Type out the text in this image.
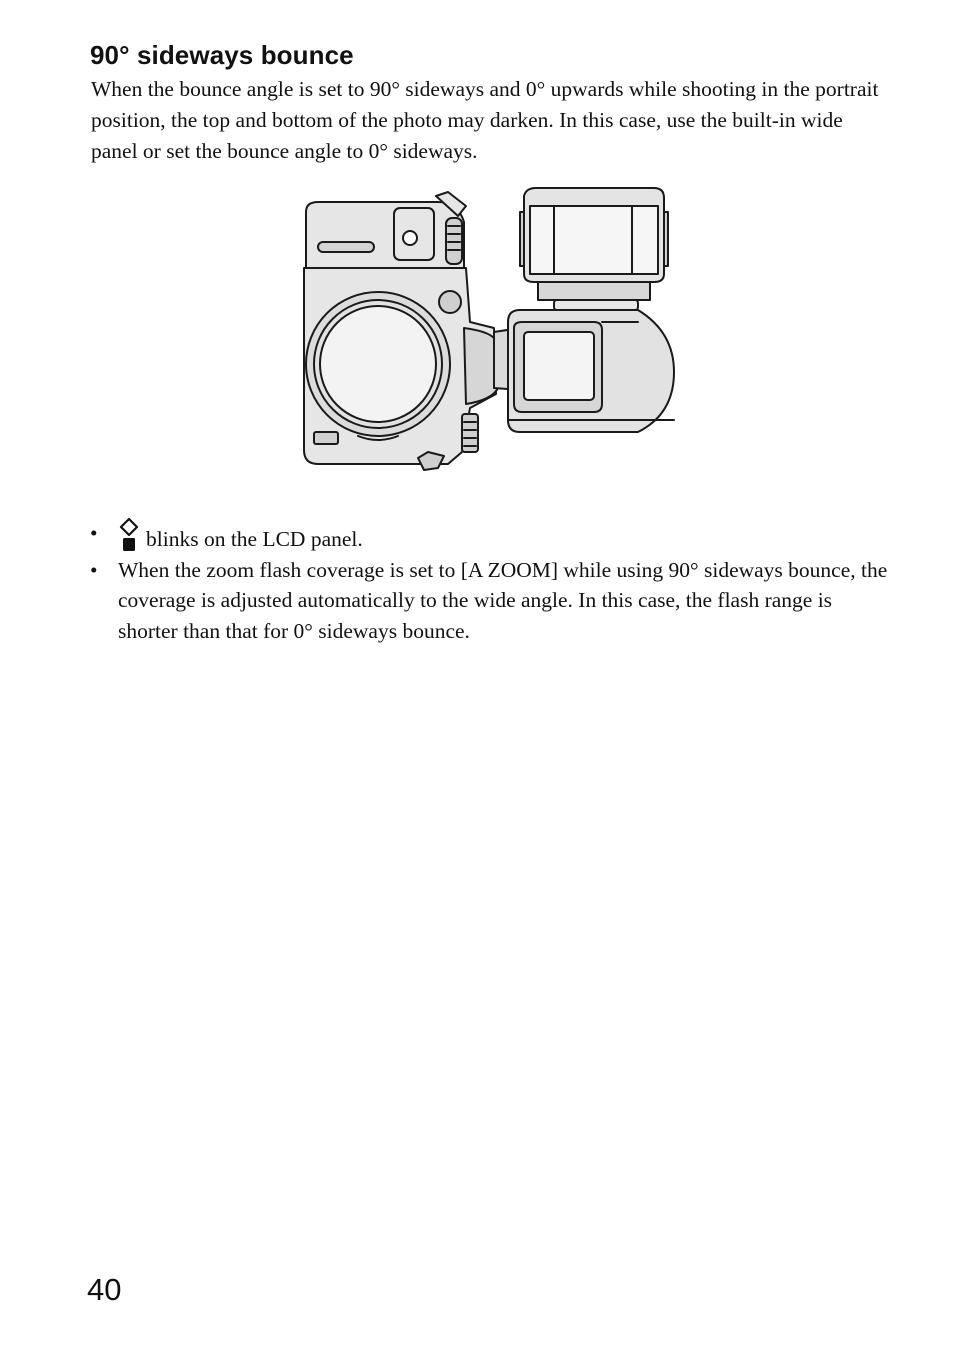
90° sideways bounce

When the bounce angle is set to 90° sideways and 0° upwards while shooting in the portrait position, the top and bottom of the photo may darken. In this case, use the built-in wide panel or set the bounce angle to 0° sideways.

• blinks on the LCD panel.
• When the zoom flash coverage is set to [A ZOOM] while using 90° sideways bounce, the coverage is adjusted automatically to the wide angle. In this case, the flash range is shorter than that for 0° sideways bounce.
40
